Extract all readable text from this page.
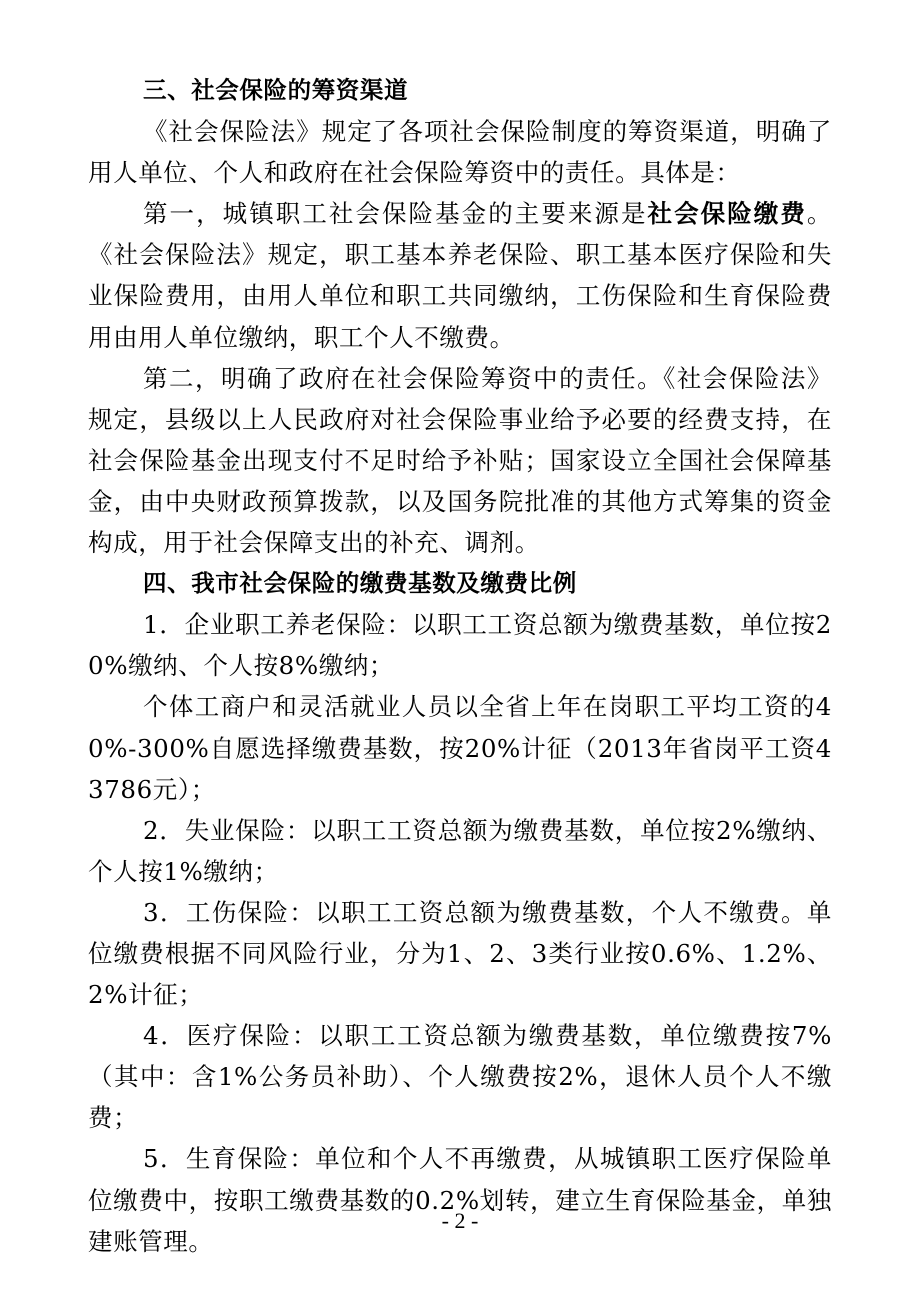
三、社会保险的筹资渠道

《社会保险法》规定了各项社会保险制度的筹资渠道，明确了用人单位、个人和政府在社会保险筹资中的责任。具体是：

第一，城镇职工社会保险基金的主要来源是社会保险缴费。《社会保险法》规定，职工基本养老保险、职工基本医疗保险和失业保险费用，由用人单位和职工共同缴纳，工伤保险和生育保险费用由用人单位缴纳，职工个人不缴费。

第二，明确了政府在社会保险筹资中的责任。《社会保险法》规定，县级以上人民政府对社会保险事业给予必要的经费支持，在社会保险基金出现支付不足时给予补贴；国家设立全国社会保障基金，由中央财政预算拨款，以及国务院批准的其他方式筹集的资金构成，用于社会保障支出的补充、调剂。

四、我市社会保险的缴费基数及缴费比例

1．企业职工养老保险：以职工工资总额为缴费基数，单位按20%缴纳、个人按8%缴纳；

个体工商户和灵活就业人员以全省上年在岗职工平均工资的40%-300%自愿选择缴费基数，按20%计征（2013年省岗平工资43786元）；

2．失业保险：以职工工资总额为缴费基数，单位按2%缴纳、个人按1%缴纳；

3．工伤保险：以职工工资总额为缴费基数，个人不缴费。单位缴费根据不同风险行业，分为1、2、3类行业按0.6%、1.2%、2%计征；

4．医疗保险：以职工工资总额为缴费基数，单位缴费按7%（其中：含1%公务员补助）、个人缴费按2%，退休人员个人不缴费；

5．生育保险：单位和个人不再缴费，从城镇职工医疗保险单位缴费中，按职工缴费基数的0.2%划转，建立生育保险基金，单独建账管理。

- 2 -
